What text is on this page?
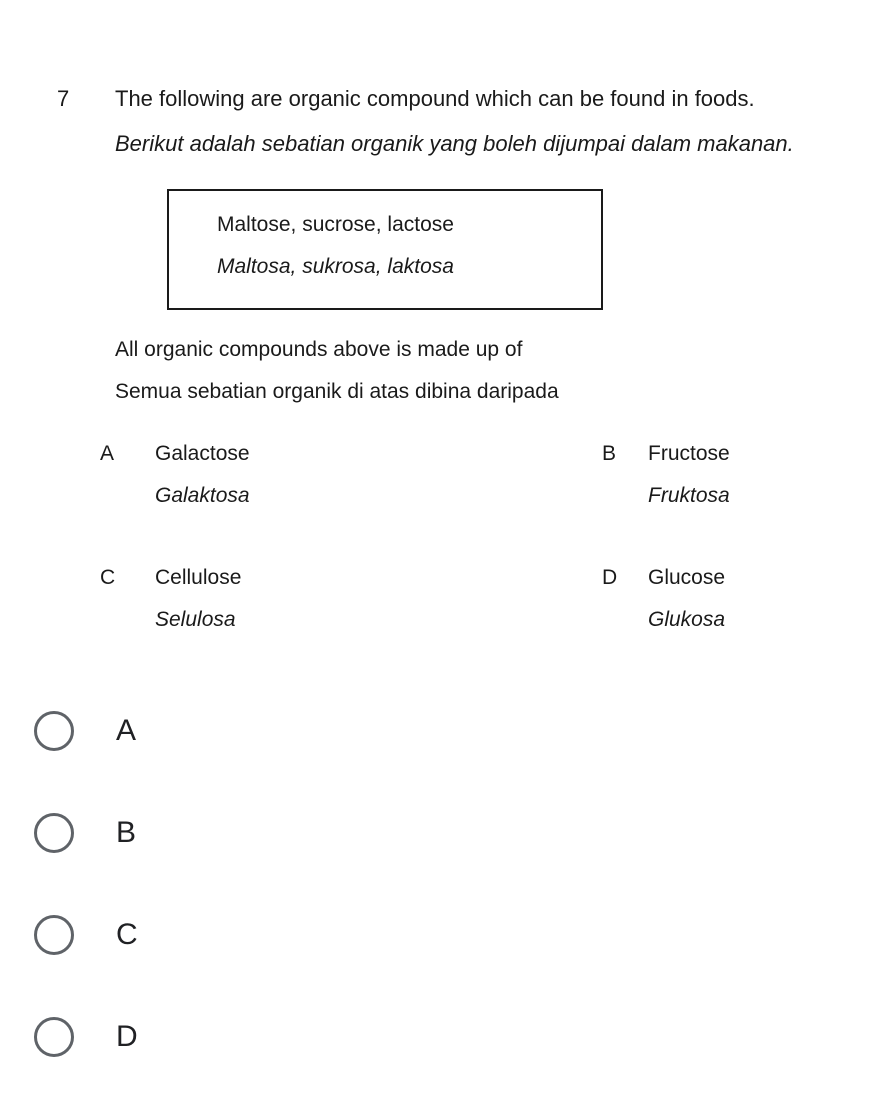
7 The following are organic compound which can be found in foods.
Berikut adalah sebatian organik yang boleh dijumpai dalam makanan.
Maltose, sucrose, lactose
Maltosa, sukrosa, laktosa
All organic compounds above is made up of
Semua sebatian organik di atas dibina daripada
A Galactose
Galaktosa
B Fructose
Fruktosa
C Cellulose
Selulosa
D Glucose
Glukosa
A
B
C
D
